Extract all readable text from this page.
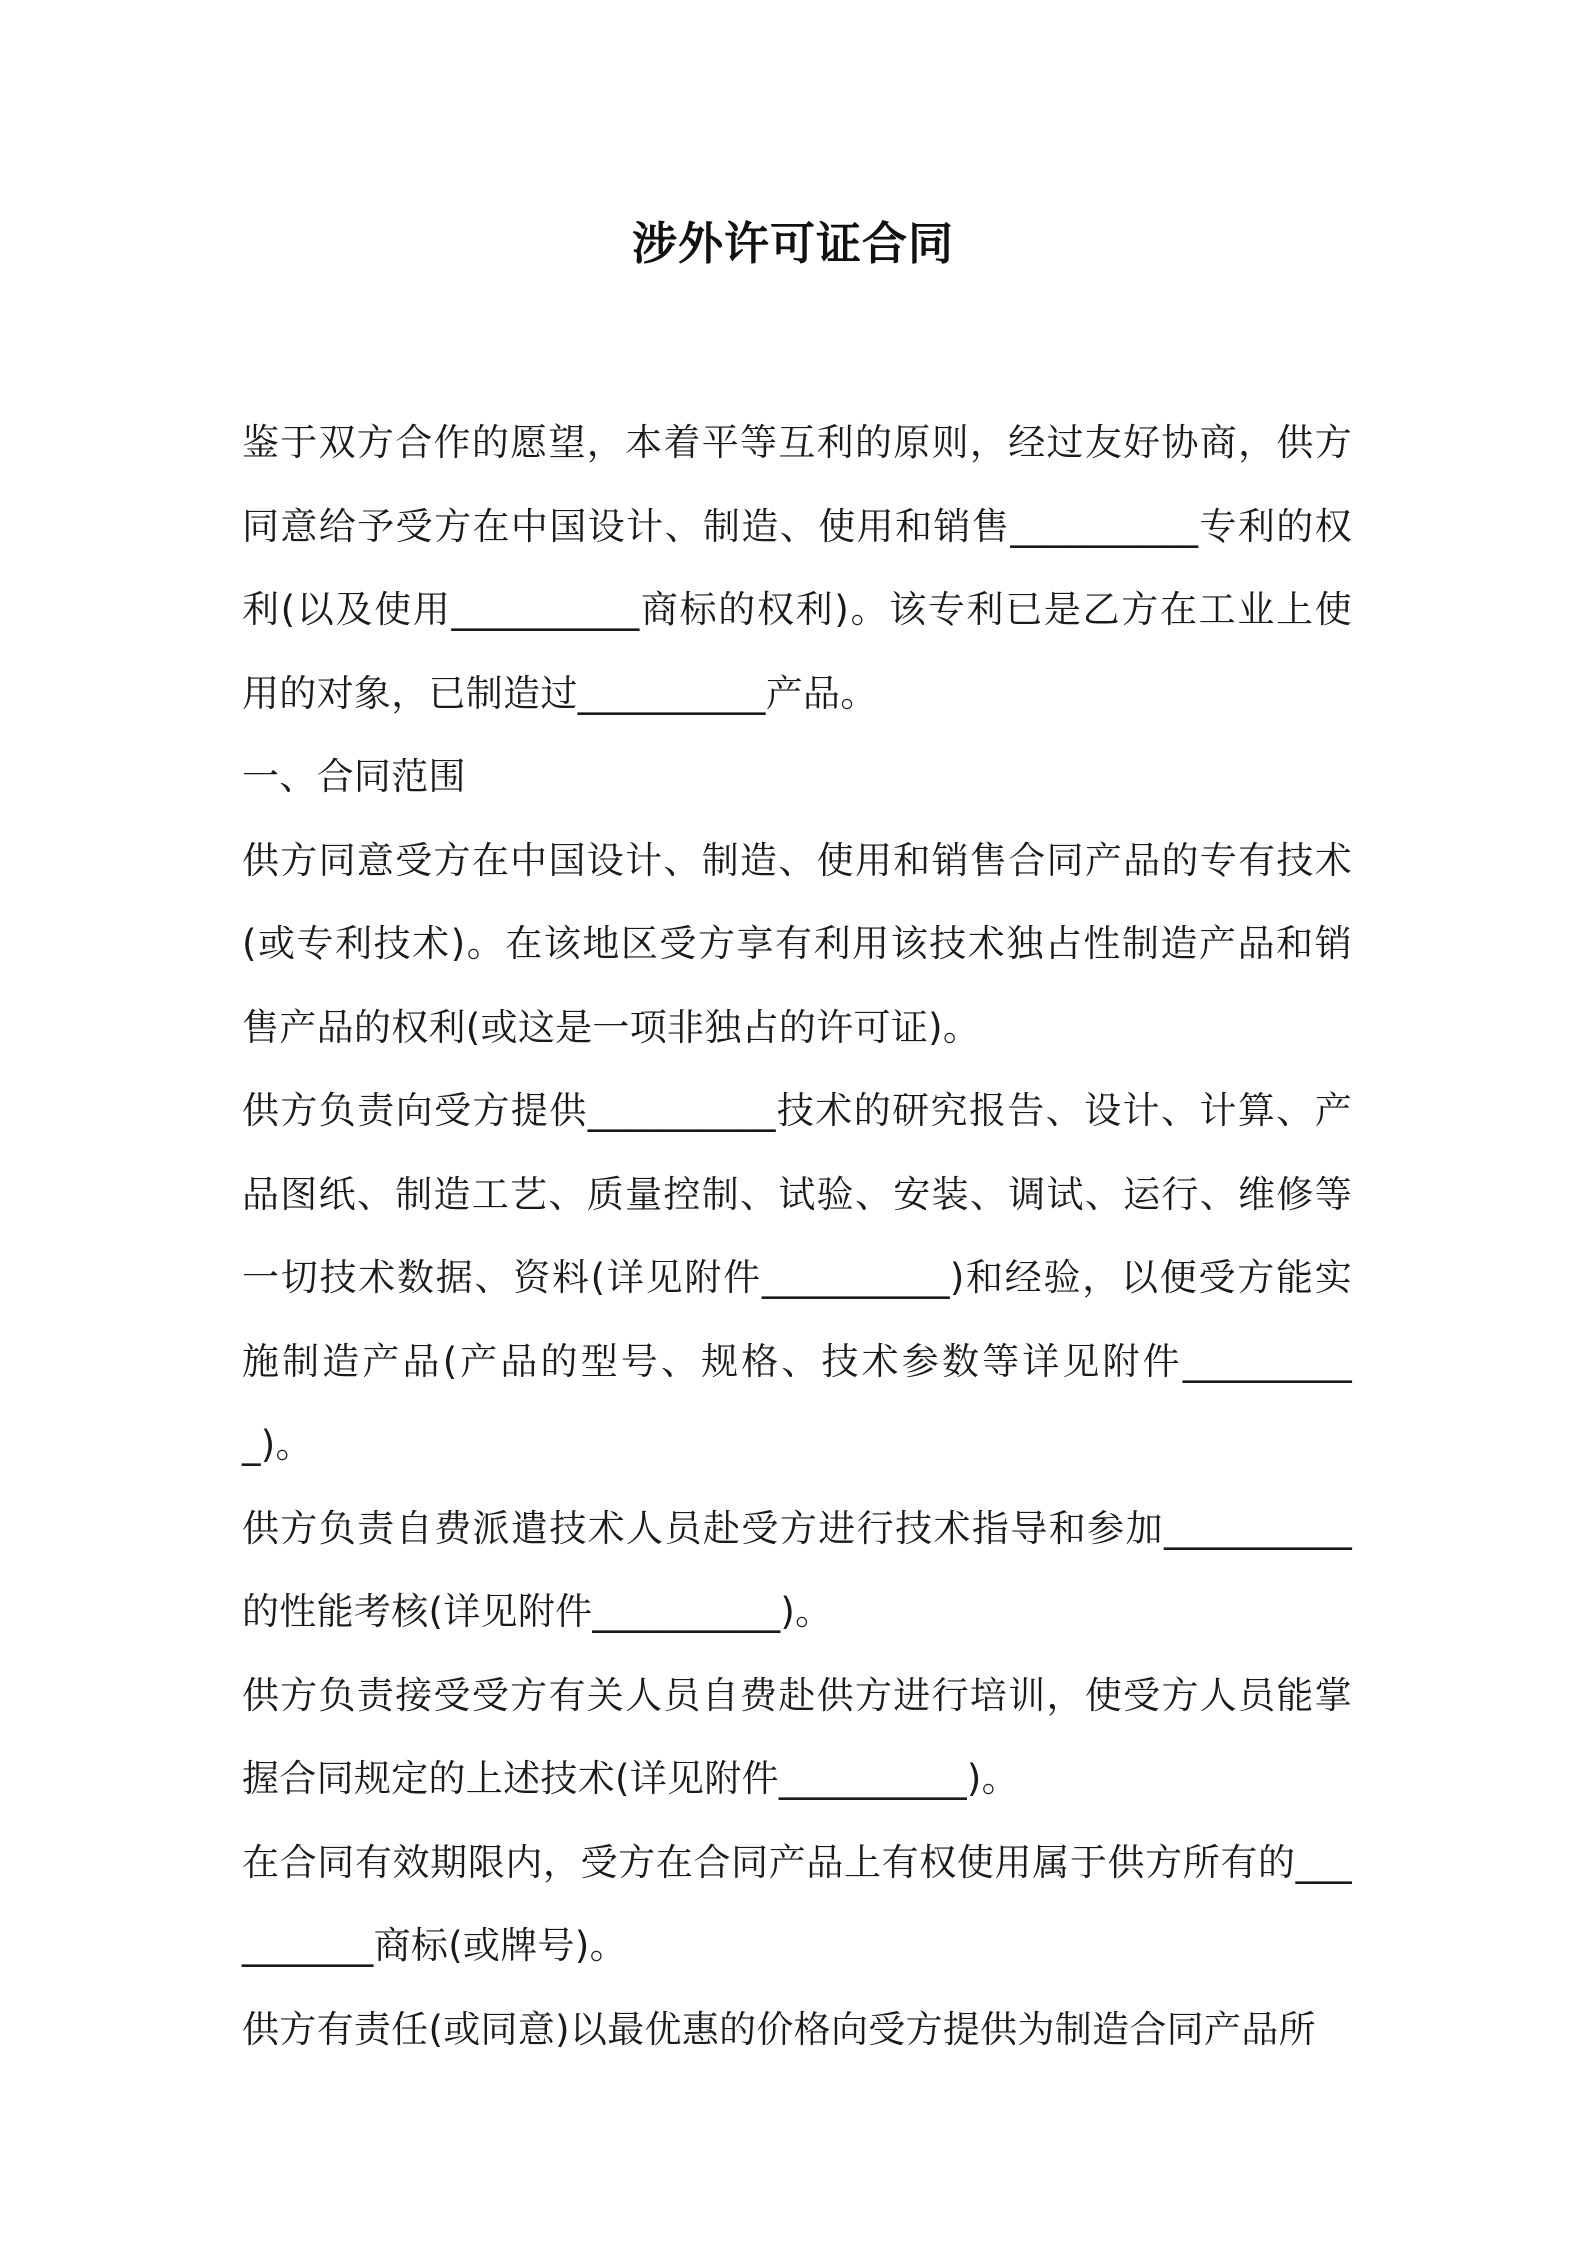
涉外许可证合同

鉴于双方合作的愿望，本着平等互利的原则，经过友好协商，供方同意给予受方在中国设计、制造、使用和销售__________专利的权利(以及使用__________商标的权利)。该专利已是乙方在工业上使用的对象，已制造过__________产品。

一、合同范围

供方同意受方在中国设计、制造、使用和销售合同产品的专有技术(或专利技术)。在该地区受方享有利用该技术独占性制造产品和销售产品的权利(或这是一项非独占的许可证)。

供方负责向受方提供__________技术的研究报告、设计、计算、产品图纸、制造工艺、质量控制、试验、安装、调试、运行、维修等一切技术数据、资料(详见附件__________)和经验，以便受方能实施制造产品(产品的型号、规格、技术参数等详见附件__________)。

供方负责自费派遣技术人员赴受方进行技术指导和参加__________的性能考核(详见附件__________)。

供方负责接受受方有关人员自费赴供方进行培训，使受方人员能掌握合同规定的上述技术(详见附件__________)。

在合同有效期限内，受方在合同产品上有权使用属于供方所有的__________商标(或牌号)。

供方有责任(或同意)以最优惠的价格向受方提供为制造合同产品所
